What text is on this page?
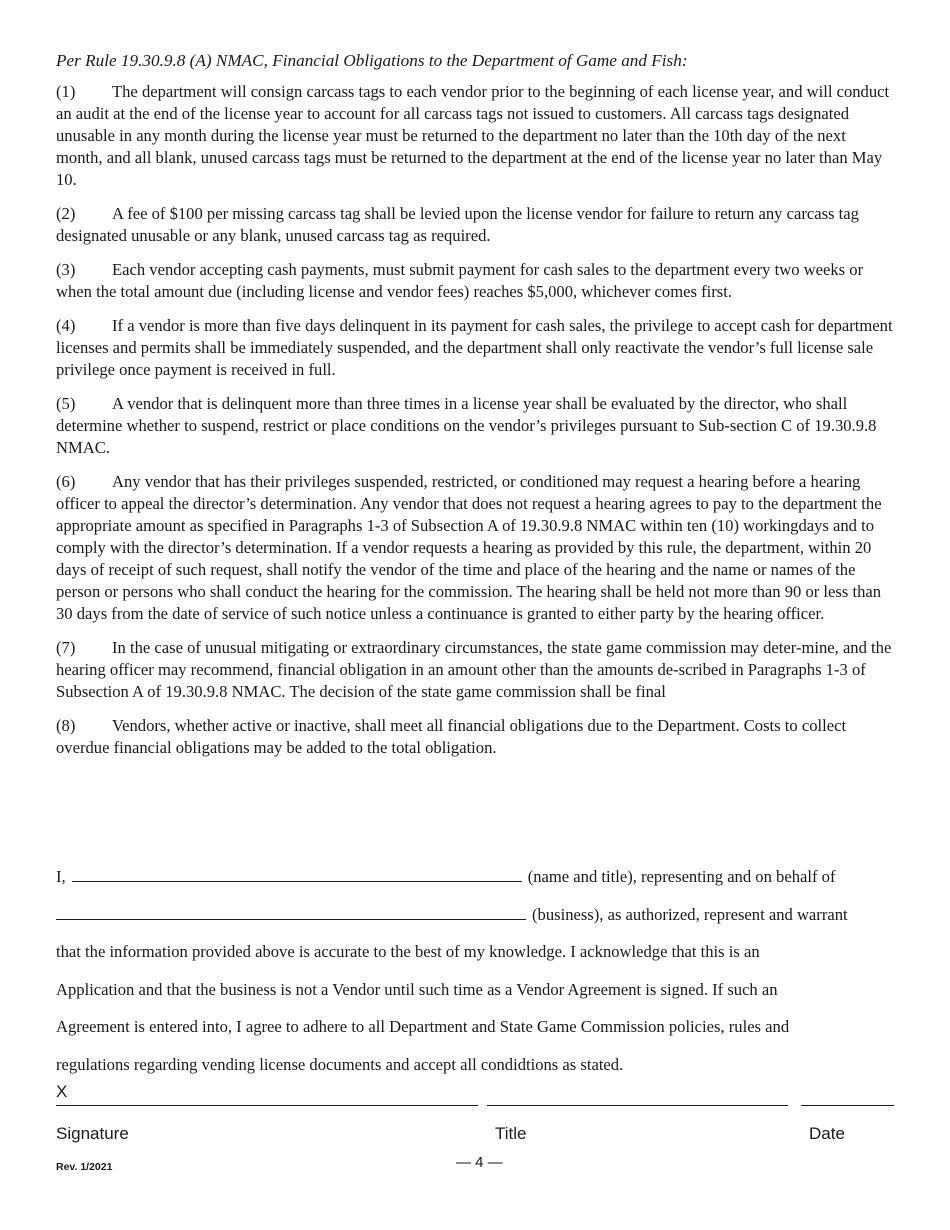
Per Rule 19.30.9.8 (A) NMAC, Financial Obligations to the Department of Game and Fish:

(1) The department will consign carcass tags to each vendor prior to the beginning of each license year, and will conduct an audit at the end of the license year to account for all carcass tags not issued to customers. All carcass tags designated unusable in any month during the license year must be returned to the department no later than the 10th day of the next month, and all blank, unused carcass tags must be returned to the department at the end of the license year no later than May 10.

(2) A fee of $100 per missing carcass tag shall be levied upon the license vendor for failure to return any carcass tag designated unusable or any blank, unused carcass tag as required.

(3) Each vendor accepting cash payments, must submit payment for cash sales to the department every two weeks or when the total amount due (including license and vendor fees) reaches $5,000, whichever comes first.

(4) If a vendor is more than five days delinquent in its payment for cash sales, the privilege to accept cash for department licenses and permits shall be immediately suspended, and the department shall only reactivate the vendor’s full license sale privilege once payment is received in full.

(5) A vendor that is delinquent more than three times in a license year shall be evaluated by the director, who shall determine whether to suspend, restrict or place conditions on the vendor’s privileges pursuant to Sub-section C of 19.30.9.8 NMAC.

(6) Any vendor that has their privileges suspended, restricted, or conditioned may request a hearing before a hearing officer to appeal the director’s determination. Any vendor that does not request a hearing agrees to pay to the department the appropriate amount as specified in Paragraphs 1-3 of Subsection A of 19.30.9.8 NMAC within ten (10) workingdays and to comply with the director’s determination. If a vendor requests a hearing as provided by this rule, the department, within 20 days of receipt of such request, shall notify the vendor of the time and place of the hearing and the name or names of the person or persons who shall conduct the hearing for the commission. The hearing shall be held not more than 90 or less than 30 days from the date of service of such notice unless a continuance is granted to either party by the hearing officer.

(7) In the case of unusual mitigating or extraordinary circumstances, the state game commission may deter-mine, and the hearing officer may recommend, financial obligation in an amount other than the amounts de-scribed in Paragraphs 1-3 of Subsection A of 19.30.9.8 NMAC. The decision of the state game commission shall be final

(8) Vendors, whether active or inactive, shall meet all financial obligations due to the Department. Costs to collect overdue financial obligations may be added to the total obligation.

I,	(name and title), representing and on behalf of
(business), as authorized, represent and warrant
that the information provided above is accurate to the best of my knowledge. I acknowledge that this is an
Application and that the business is not a Vendor until such time as a Vendor Agreement is signed. If such an
Agreement is entered into, I agree to adhere to all Department and State Game Commission policies, rules and
regulations regarding vending license documents and accept all condidtions as stated.
X
Signature	Title	Date
Rev. 1/2021	— 4 —
